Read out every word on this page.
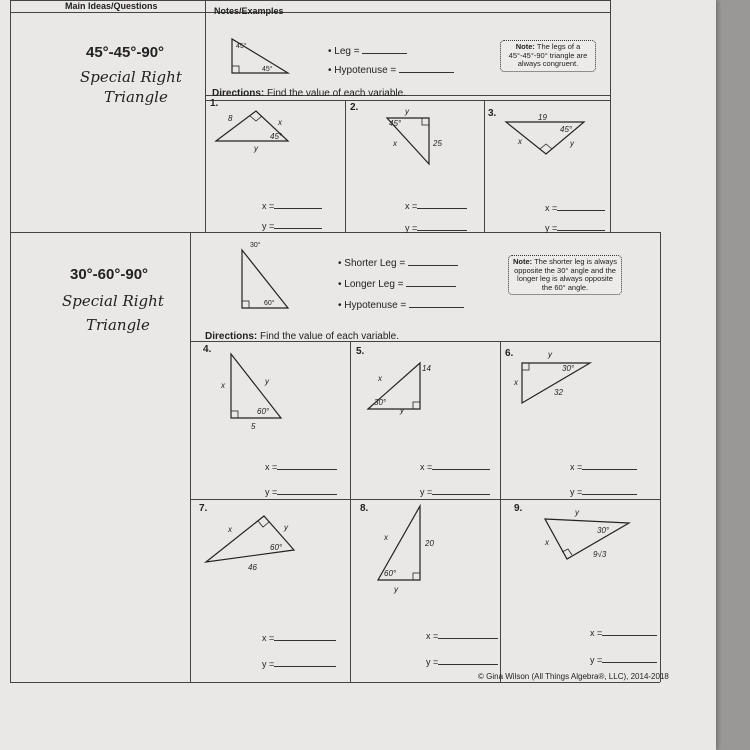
Main Ideas/Questions	Notes/Examples
45°-45°-90°
Special Right
Triangle
45°
45°
• Leg =
• Hypotenuse =
Note: The legs of a 45°-45°-90° triangle are always congruent.
Directions: Find the value of each variable.
1.
8	x
45°
y
x =
y =
2.	y
45°
x	25
x =
y =
3.	19
45°
x	y
x =
y =
30°-60°-90°
Special Right
Triangle
30°
60°
• Shorter Leg =
• Longer Leg =
• Hypotenuse =
Note: The shorter leg is always opposite the 30° angle and the longer leg is always opposite the 60° angle.
Directions: Find the value of each variable.
4.
x	y
60°
5
x =
y =
5.
14
x
30°
y
x =
y =
6.	y
30°
x
32
x =
y =
7.
x	y
60°
46
x =
y =
8.
x
20
60°
y
x =
y =
9.	y
30°
x
9√3
x =
y =
© Gina Wilson (All Things Algebra®, LLC), 2014-2018
